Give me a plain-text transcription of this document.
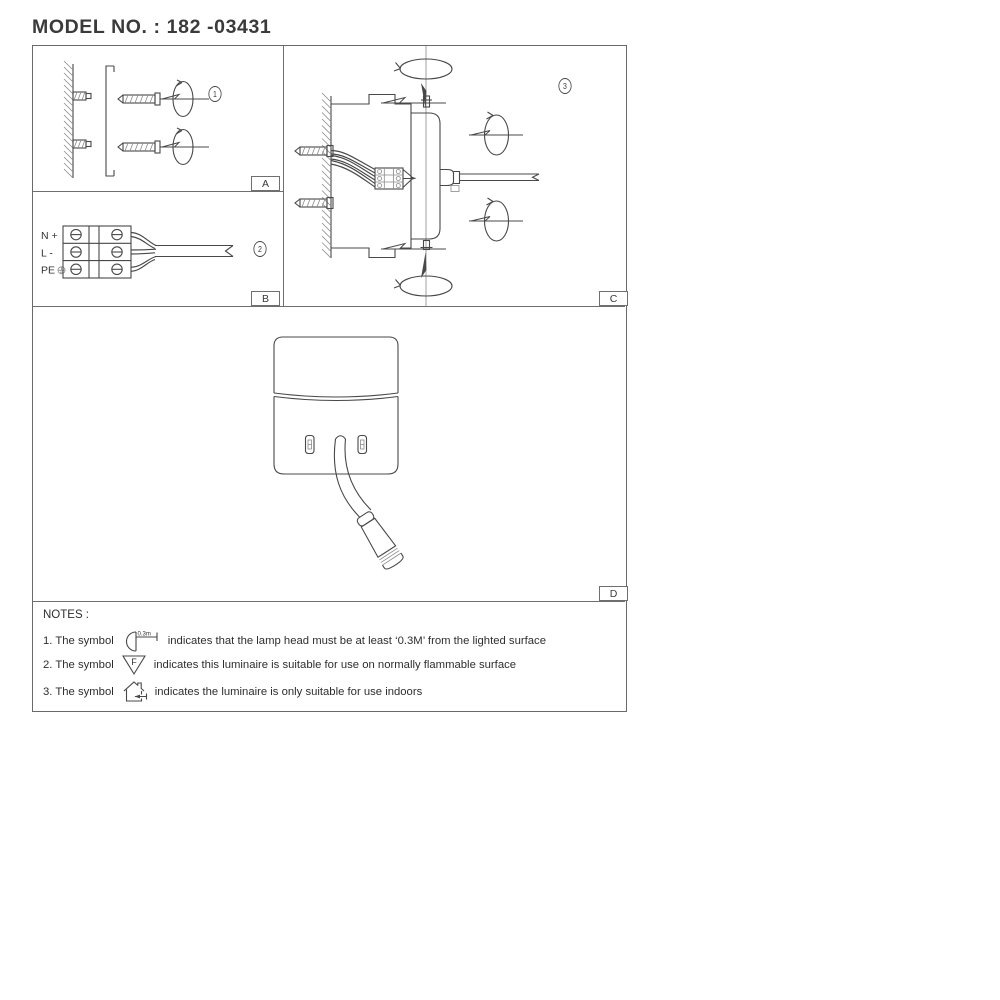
MODEL NO. : 182 -03431
1
A
N +
L -
PE
2
B
3
C
D
NOTES :
1. The symbol
0.3m
indicates that the lamp head must be at least ‘0.3M’ from the lighted surface
2. The symbol F indicates this luminaire is suitable for use on normally flammable surface
3. The symbol	indicates the luminaire is only suitable for use indoors
